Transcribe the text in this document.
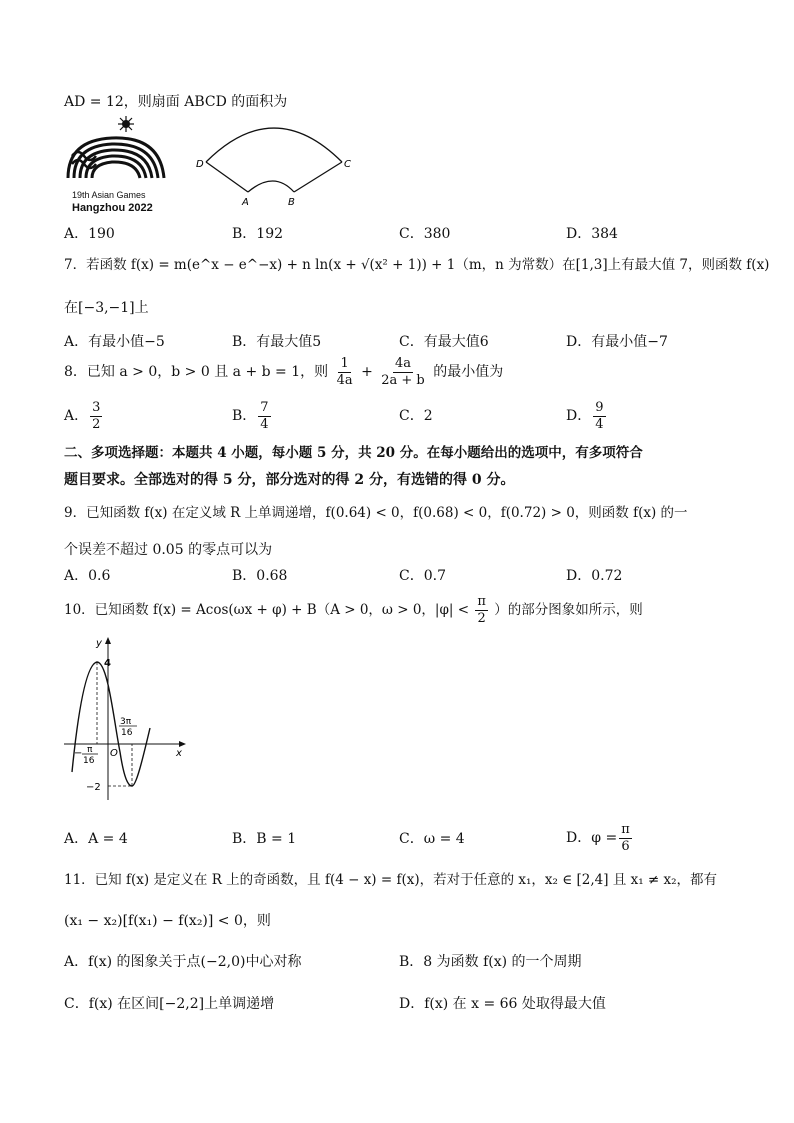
AD = 12，则扇面 ABCD 的面积为
19th Asian Games
Hangzhou 2022
D	C
A	B
A．190	B．192	C．380	D．384
7．若函数 f(x) = m(e^x − e^−x) + n ln(x + √(x² + 1)) + 1（m，n 为常数）在[1,3]上有最大值 7，则函数 f(x)
在[−3,−1]上
A．有最小值−5	B．有最大值5	C．有最大值6	D．有最小值−7
8．已知 a > 0，b > 0 且 a + b = 1，则 $\frac{1}{4a} + \frac{4a}{2a + b}$ 的最小值为
A． $\frac{3}{2}$	B． $\frac{7}{4}$	C．2	D． $\frac{9}{4}$
二、多项选择题：本题共 4 小题，每小题 5 分，共 20 分。在每小题给出的选项中，有多项符合
题目要求。全部选对的得 5 分，部分选对的得 2 分，有选错的得 0 分。
9．已知函数 f(x) 在定义域 R 上单调递增，f(0.64) < 0，f(0.68) < 0，f(0.72) > 0，则函数 f(x) 的一
个误差不超过 0.05 的零点可以为
A．0.6	B．0.68	C．0.7	D．0.72
10．已知函数 f(x) = Acos(ωx + φ) + B（A > 0，ω > 0，$|\varphi| < \frac{\pi}{2}$ ）的部分图象如所示，则
y
x
O
4
−2
− π
16
3π
16
A．A = 4	B．B = 1	C．ω = 4	D．$\varphi = \frac{\pi}{6}$
11．已知 f(x) 是定义在 R 上的奇函数，且 f(4 − x) = f(x)，若对于任意的 x₁，x₂ ∈ [2,4] 且 x₁ ≠ x₂，都有
(x₁ − x₂)[f(x₁) − f(x₂)] < 0，则
A．f(x) 的图象关于点(−2,0)中心对称	B．8 为函数 f(x) 的一个周期
C．f(x) 在区间[−2,2]上单调递增	D．f(x) 在 x = 66 处取得最大值
